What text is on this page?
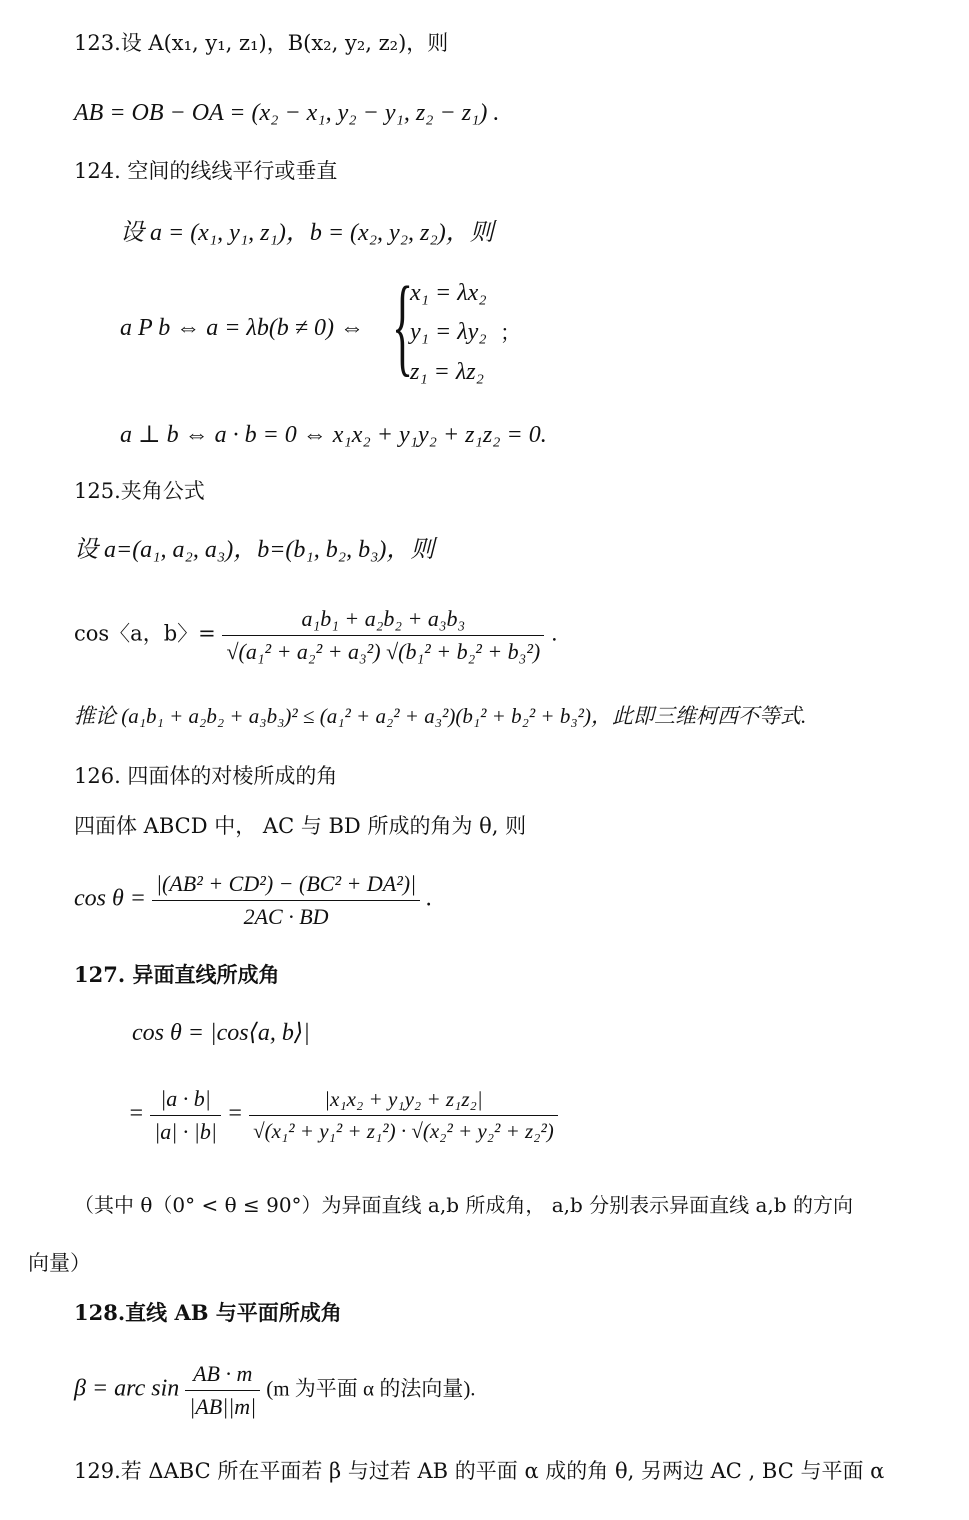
123.设 A(x₁, y₁, z₁)，B(x₂, y₂, z₂)，则
AB = OB − OA = (x₂ − x₁, y₂ − y₁, z₂ − z₁) .
124. 空间的线线平行或垂直
设 a = (x₁, y₁, z₁)，b = (x₂, y₂, z₂)，则
a P b ⇔ a = λb(b ≠ 0) ⇔ {
x₁ = λx₂
y₁ = λy₂
z₁ = λz₂
；
a ⊥ b ⇔ a · b = 0 ⇔ x₁x₂ + y₁y₂ + z₁z₂ = 0.
125.夹角公式
设 a=(a₁, a₂, a₃)，b=(b₁, b₂, b₃)，则
cos〈a，b〉= $\frac{\text{a₁b₁ + a₂b₂ + a₃b₃}}{\text{√(a₁² + a₂² + a₃²) √(b₁² + b₂² + b₃²)}}$ .
推论 (a₁b₁ + a₂b₂ + a₃b₃)² ≤ (a₁² + a₂² + a₃²)(b₁² + b₂² + b₃²)，此即三维柯西不等式.
126. 四面体的对棱所成的角
四面体 ABCD 中， AC 与 BD 所成的角为 θ, 则
$\cos \theta = \frac{\text{|(AB² + CD²) − (BC² + DA²)|}}{2AC \cdot BD}$ .
127. 异面直线所成角
cos θ = |cos⟨a, b⟩|
= $\frac{|a \cdot b|}{|a| \cdot |b|} = \frac{\text{|x₁x₂ + y₁y₂ + z₁z₂|}}{\text{√(x₁² + y₁² + z₁²) · √(x₂² + y₂² + z₂²)}}$
（其中 θ（0° < θ ≤ 90°）为异面直线 a,b 所成角， a,b 分别表示异面直线 a,b 的方向
向量）
128.直线 AB 与平面所成角
β = arc $\sin \frac{AB \cdot m}{|AB||m|} (m$ 为平面 α 的法向量).
129.若 ΔABC 所在平面若 β 与过若 AB 的平面 α 成的角 θ, 另两边 AC , BC 与平面 α
